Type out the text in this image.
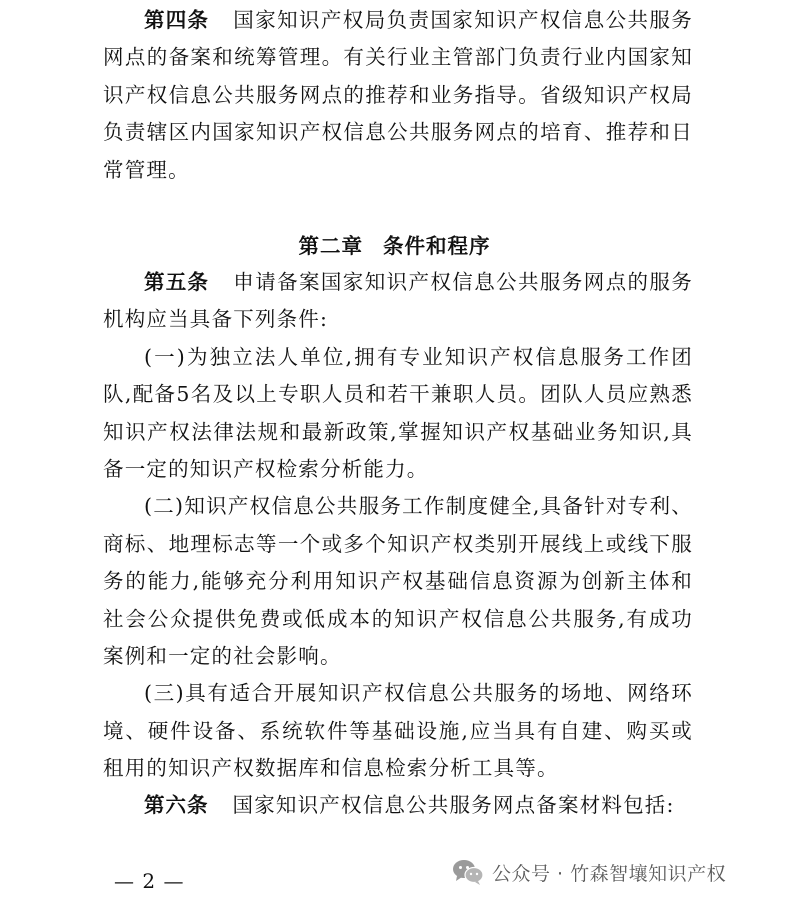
第四条 国家知识产权局负责国家知识产权信息公共服务网点的备案和统筹管理。有关行业主管部门负责行业内国家知识产权信息公共服务网点的推荐和业务指导。省级知识产权局负责辖区内国家知识产权信息公共服务网点的培育、推荐和日常管理。

第二章 条件和程序

第五条 申请备案国家知识产权信息公共服务网点的服务机构应当具备下列条件:

(一)为独立法人单位,拥有专业知识产权信息服务工作团队,配备5名及以上专职人员和若干兼职人员。团队人员应熟悉知识产权法律法规和最新政策,掌握知识产权基础业务知识,具备一定的知识产权检索分析能力。

(二)知识产权信息公共服务工作制度健全,具备针对专利、商标、地理标志等一个或多个知识产权类别开展线上或线下服务的能力,能够充分利用知识产权基础信息资源为创新主体和社会公众提供免费或低成本的知识产权信息公共服务,有成功案例和一定的社会影响。

(三)具有适合开展知识产权信息公共服务的场地、网络环境、硬件设备、系统软件等基础设施,应当具有自建、购买或租用的知识产权数据库和信息检索分析工具等。

第六条 国家知识产权信息公共服务网点备案材料包括:

— 2 —	公众号 · 竹森智壤知识产权
